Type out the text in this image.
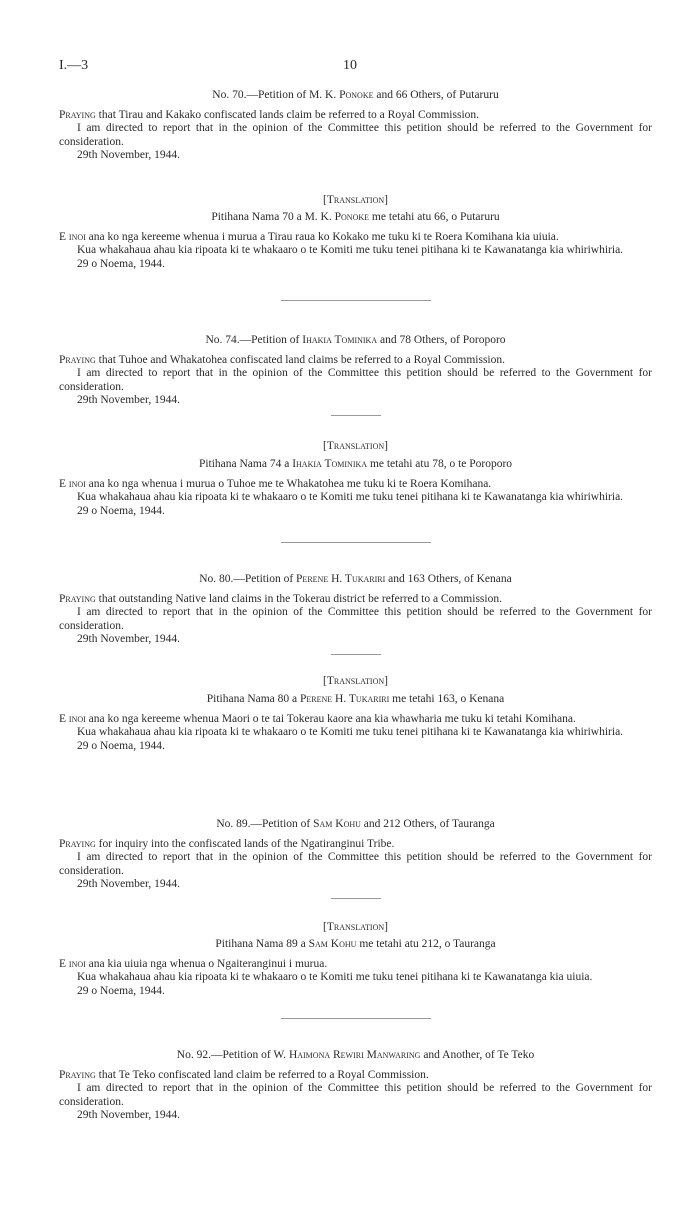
I.—3	10
No. 70.—Petition of M. K. Ponoke and 66 Others, of Putaruru
Praying that Tirau and Kakako confiscated lands claim be referred to a Royal Commission.
I am directed to report that in the opinion of the Committee this petition should be referred to the Government for consideration.
29th November, 1944.
[Translation]
Pitihana Nama 70 a M. K. Ponoke me tetahi atu 66, o Putaruru
E inoi ana ko nga kereeme whenua i murua a Tirau raua ko Kokako me tuku ki te Roera Komihana kia uiuia.
Kua whakahaua ahau kia ripoata ki te whakaaro o te Komiti me tuku tenei pitihana ki te Kawanatanga kia whiriwhiria.
29 o Noema, 1944.
No. 74.—Petition of Ihakia Tominika and 78 Others, of Poroporo
Praying that Tuhoe and Whakatohea confiscated land claims be referred to a Royal Commission.
I am directed to report that in the opinion of the Committee this petition should be referred to the Government for consideration.
29th November, 1944.
[Translation]
Pitihana Nama 74 a Ihakia Tominika me tetahi atu 78, o te Poroporo
E inoi ana ko nga whenua i murua o Tuhoe me te Whakatohea me tuku ki te Roera Komihana.
Kua whakahaua ahau kia ripoata ki te whakaaro o te Komiti me tuku tenei pitihana ki te Kawanatanga kia whiriwhiria.
29 o Noema, 1944.
No. 80.—Petition of Perene H. Tukariri and 163 Others, of Kenana
Praying that outstanding Native land claims in the Tokerau district be referred to a Commission.
I am directed to report that in the opinion of the Committee this petition should be referred to the Government for consideration.
29th November, 1944.
[Translation]
Pitihana Nama 80 a Perene H. Tukariri me tetahi 163, o Kenana
E inoi ana ko nga kereeme whenua Maori o te tai Tokerau kaore ana kia whawharia me tuku ki tetahi Komihana.
Kua whakahaua ahau kia ripoata ki te whakaaro o te Komiti me tuku tenei pitihana ki te Kawanatanga kia whiriwhiria.
29 o Noema, 1944.
No. 89.—Petition of Sam Kohu and 212 Others, of Tauranga
Praying for inquiry into the confiscated lands of the Ngatiranginui Tribe.
I am directed to report that in the opinion of the Committee this petition should be referred to the Government for consideration.
29th November, 1944.
[Translation]
Pitihana Nama 89 a Sam Kohu me tetahi atu 212, o Tauranga
E inoi ana kia uiuia nga whenua o Ngaiteranginui i murua.
Kua whakahaua ahau kia ripoata ki te whakaaro o te Komiti me tuku tenei pitihana ki te Kawanatanga kia uiuia.
29 o Noema, 1944.
No. 92.—Petition of W. Haimona Rewiri Manwaring and Another, of Te Teko
Praying that Te Teko confiscated land claim be referred to a Royal Commission.
I am directed to report that in the opinion of the Committee this petition should be referred to the Government for consideration.
29th November, 1944.
